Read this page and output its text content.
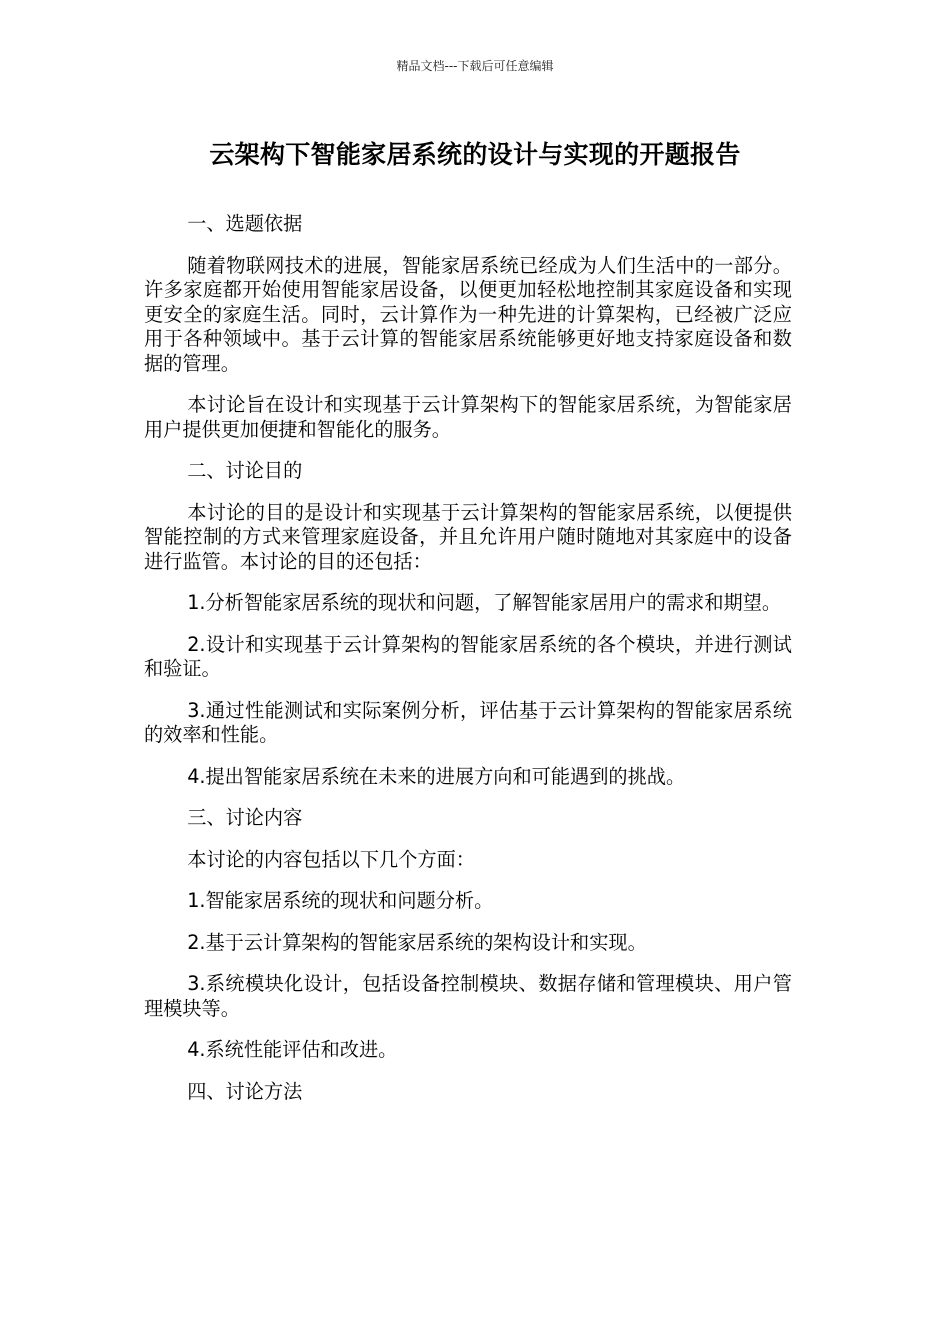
精品文档---下载后可任意编辑
云架构下智能家居系统的设计与实现的开题报告

一、选题依据

随着物联网技术的进展，智能家居系统已经成为人们生活中的一部分。许多家庭都开始使用智能家居设备，以便更加轻松地控制其家庭设备和实现更安全的家庭生活。同时，云计算作为一种先进的计算架构，已经被广泛应用于各种领域中。基于云计算的智能家居系统能够更好地支持家庭设备和数据的管理。

本讨论旨在设计和实现基于云计算架构下的智能家居系统，为智能家居用户提供更加便捷和智能化的服务。

二、讨论目的

本讨论的目的是设计和实现基于云计算架构的智能家居系统，以便提供智能控制的方式来管理家庭设备，并且允许用户随时随地对其家庭中的设备进行监管。本讨论的目的还包括：

1.分析智能家居系统的现状和问题，了解智能家居用户的需求和期望。

2.设计和实现基于云计算架构的智能家居系统的各个模块，并进行测试和验证。

3.通过性能测试和实际案例分析，评估基于云计算架构的智能家居系统的效率和性能。

4.提出智能家居系统在未来的进展方向和可能遇到的挑战。

三、讨论内容

本讨论的内容包括以下几个方面：

1.智能家居系统的现状和问题分析。

2.基于云计算架构的智能家居系统的架构设计和实现。

3.系统模块化设计，包括设备控制模块、数据存储和管理模块、用户管理模块等。

4.系统性能评估和改进。

四、讨论方法
